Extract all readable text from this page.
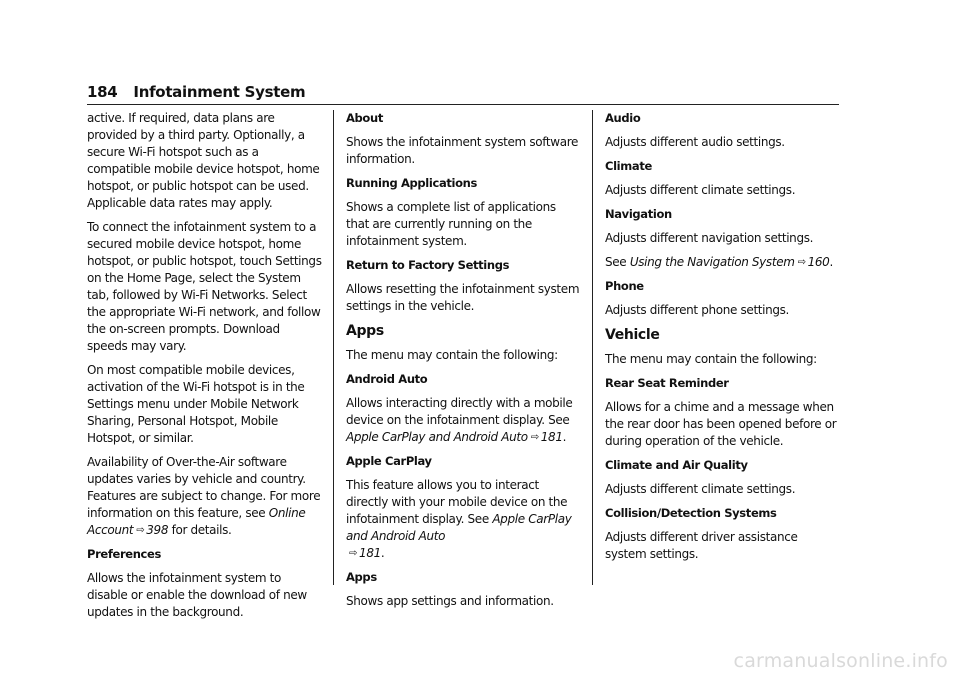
184 Infotainment System

active. If required, data plans are provided by a third party. Optionally, a secure Wi-Fi hotspot such as a compatible mobile device hotspot, home hotspot, or public hotspot can be used. Applicable data rates may apply.

To connect the infotainment system to a secured mobile device hotspot, home hotspot, or public hotspot, touch Settings on the Home Page, select the System tab, followed by Wi-Fi Networks. Select the appropriate Wi-Fi network, and follow the on-screen prompts. Download speeds may vary.

On most compatible mobile devices, activation of the Wi-Fi hotspot is in the Settings menu under Mobile Network Sharing, Personal Hotspot, Mobile Hotspot, or similar.

Availability of Over-the-Air software updates varies by vehicle and country. Features are subject to change. For more information on this feature, see Online Account ⇨ 398 for details.

Preferences

Allows the infotainment system to disable or enable the download of new updates in the background.

About

Shows the infotainment system software information.

Running Applications

Shows a complete list of applications that are currently running on the infotainment system.

Return to Factory Settings

Allows resetting the infotainment system settings in the vehicle.

Apps

The menu may contain the following:

Android Auto

Allows interacting directly with a mobile device on the infotainment display. See Apple CarPlay and Android Auto ⇨ 181.

Apple CarPlay

This feature allows you to interact directly with your mobile device on the infotainment display. See Apple CarPlay and Android Auto
⇨ 181.

Apps

Shows app settings and information.

Audio

Adjusts different audio settings.

Climate

Adjusts different climate settings.

Navigation

Adjusts different navigation settings.

See Using the Navigation System ⇨ 160.

Phone

Adjusts different phone settings.

Vehicle

The menu may contain the following:

Rear Seat Reminder

Allows for a chime and a message when the rear door has been opened before or during operation of the vehicle.

Climate and Air Quality

Adjusts different climate settings.

Collision/Detection Systems

Adjusts different driver assistance system settings.

carmanualsonline.info
